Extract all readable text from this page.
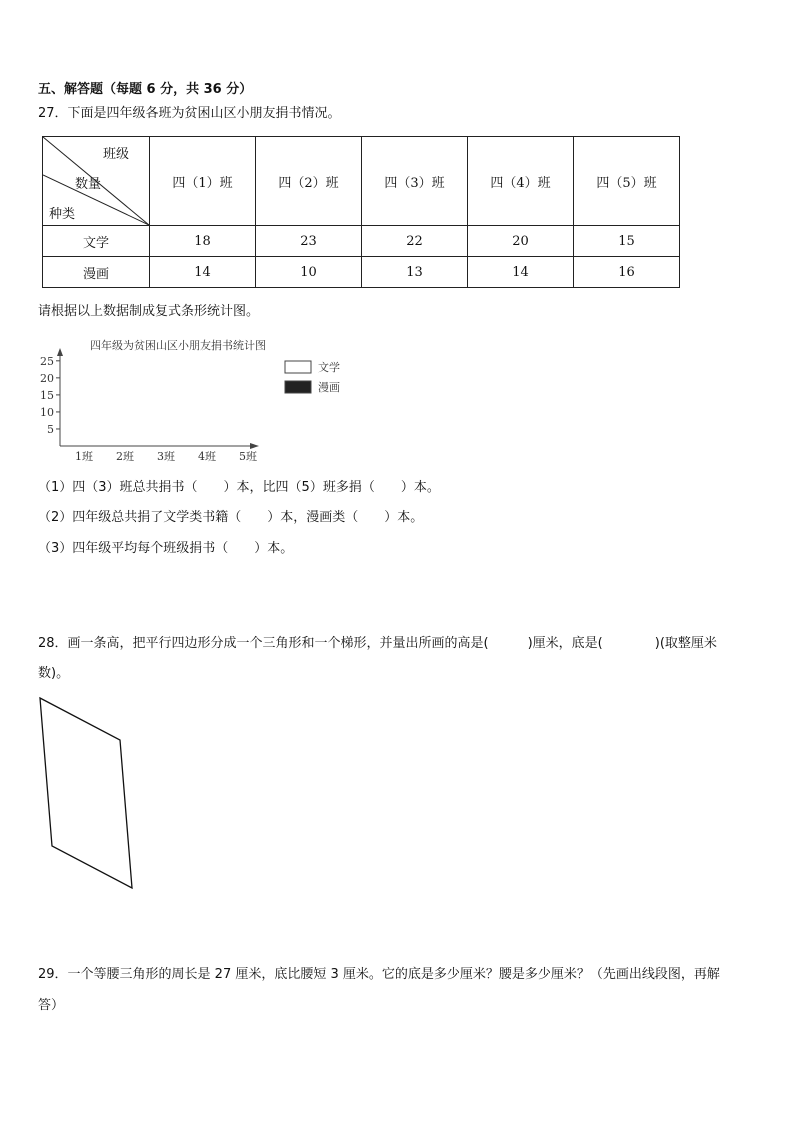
五、解答题（每题 6 分，共 36 分）
27．下面是四年级各班为贫困山区小朋友捐书情况。
班级
数量
种类	四（1）班	四（2）班	四（3）班	四（4）班	四（5）班
文学	18	23	22	20	15
漫画	14	10	13	14	16
请根据以上数据制成复式条形统计图。
四年级为贫困山区小朋友捐书统计图
5
10
15
20
25
1班 2班 3班 4班 5班
文学
漫画
（1）四（3）班总共捐书（　　）本，比四（5）班多捐（　　）本。
（2）四年级总共捐了文学类书籍（　　）本，漫画类（　　）本。
（3）四年级平均每个班级捐书（　　）本。
28．画一条高，把平行四边形分成一个三角形和一个梯形，并量出所画的高是(　　　)厘米，底是(　　　　)(取整厘米
数)。
29．一个等腰三角形的周长是 27 厘米，底比腰短 3 厘米。它的底是多少厘米？腰是多少厘米？（先画出线段图，再解
答）
